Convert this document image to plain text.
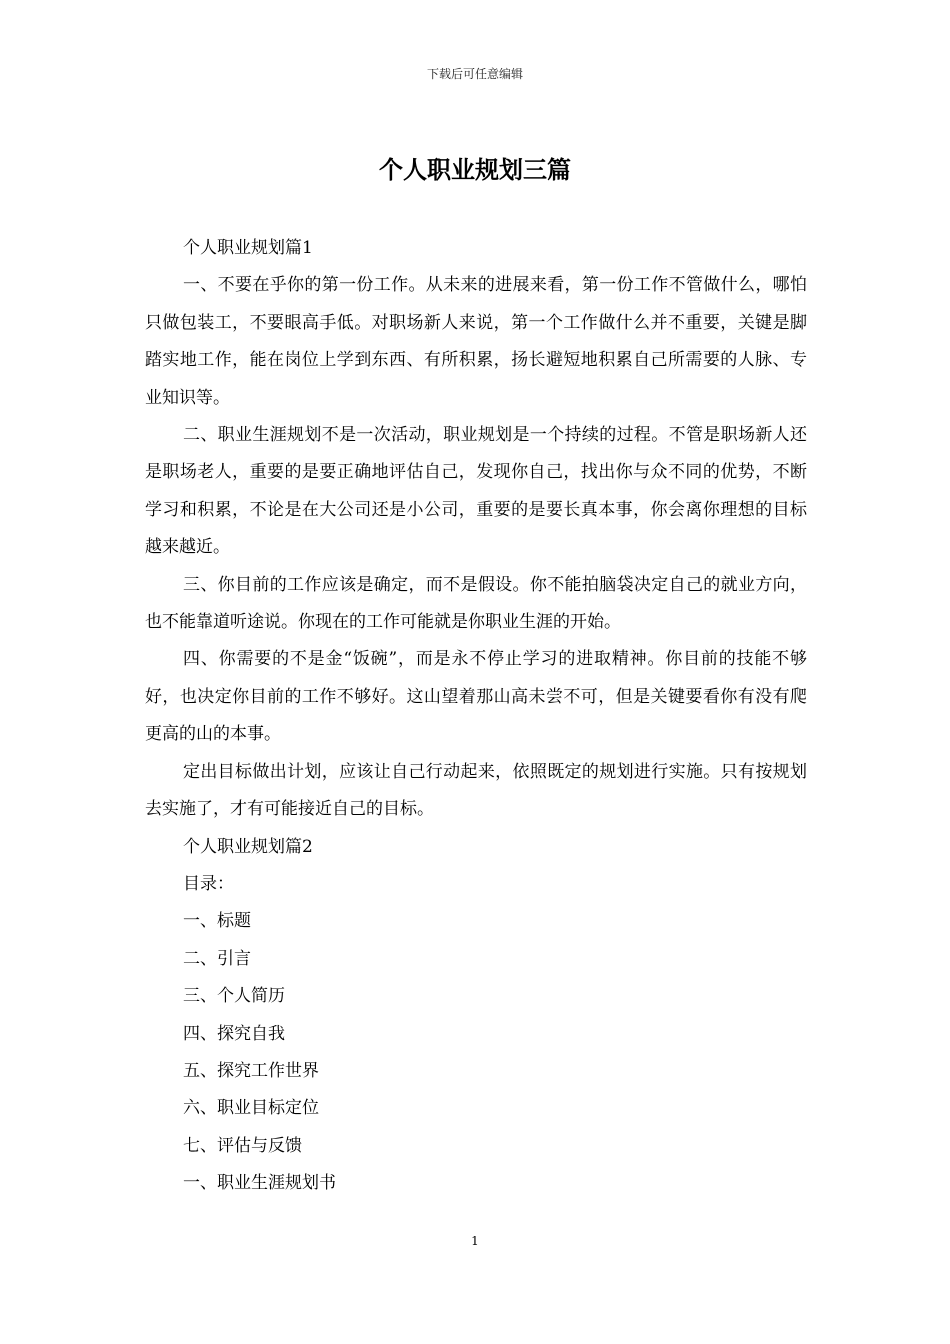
下载后可任意编辑
个人职业规划三篇

个人职业规划篇1

一、不要在乎你的第一份工作。从未来的进展来看，第一份工作不管做什么，哪怕只做包装工，不要眼高手低。对职场新人来说，第一个工作做什么并不重要，关键是脚踏实地工作，能在岗位上学到东西、有所积累，扬长避短地积累自己所需要的人脉、专业知识等。

二、职业生涯规划不是一次活动，职业规划是一个持续的过程。不管是职场新人还是职场老人，重要的是要正确地评估自己，发现你自己，找出你与众不同的优势，不断学习和积累，不论是在大公司还是小公司，重要的是要长真本事，你会离你理想的目标越来越近。

三、你目前的工作应该是确定，而不是假设。你不能拍脑袋决定自己的就业方向，也不能靠道听途说。你现在的工作可能就是你职业生涯的开始。

四、你需要的不是金“饭碗”，而是永不停止学习的进取精神。你目前的技能不够好，也决定你目前的工作不够好。这山望着那山高未尝不可，但是关键要看你有没有爬更高的山的本事。

定出目标做出计划，应该让自己行动起来，依照既定的规划进行实施。只有按规划去实施了，才有可能接近自己的目标。

个人职业规划篇2

目录：

一、标题

二、引言

三、个人简历

四、探究自我

五、探究工作世界

六、职业目标定位

七、评估与反馈

一、职业生涯规划书

1
